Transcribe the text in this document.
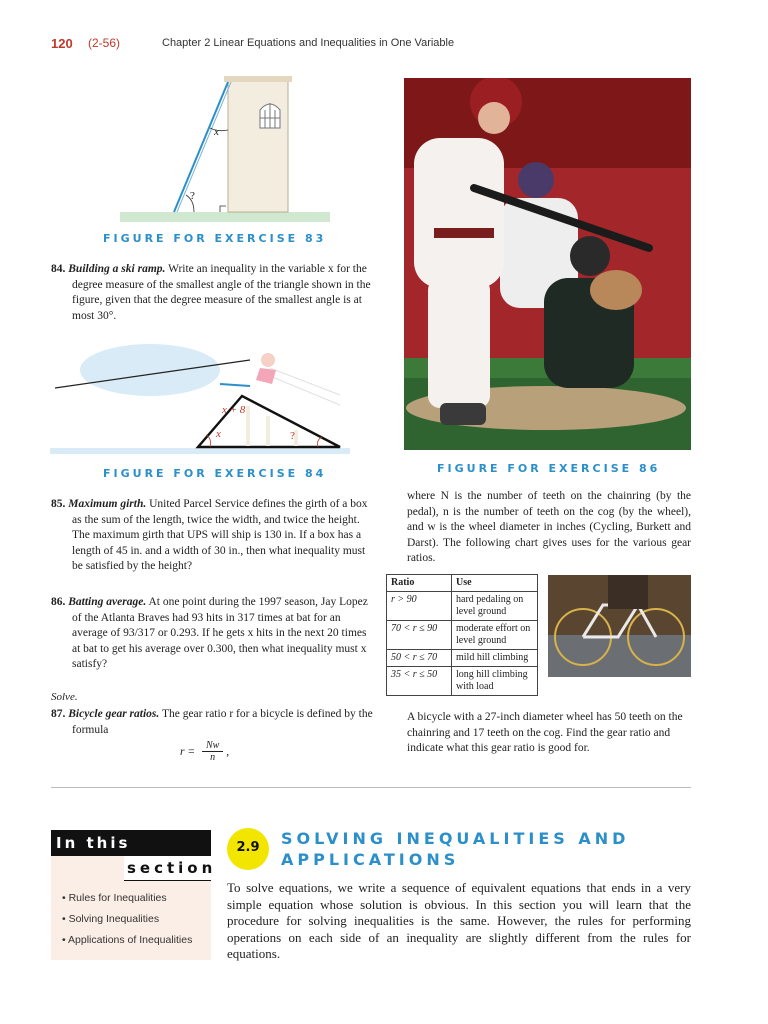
120 (2-56)	Chapter 2 Linear Equations and Inequalities in One Variable
x
?
FIGURE FOR EXERCISE 83

84. Building a ski ramp. Write an inequality in the variable x for the degree measure of the smallest angle of the triangle shown in the figure, given that the degree measure of the smallest angle is at most 30°.

x + 8
x	?
FIGURE FOR EXERCISE 84

85. Maximum girth. United Parcel Service defines the girth of a box as the sum of the length, twice the width, and twice the height. The maximum girth that UPS will ship is 130 in. If a box has a length of 45 in. and a width of 30 in., then what inequality must be satisfied by the height?

86. Batting average. At one point during the 1997 season, Jay Lopez of the Atlanta Braves had 93 hits in 317 times at bat for an average of 93/317 or 0.293. If he gets x hits in the next 20 times at bat to get his average over 0.300, then what inequality must x satisfy?

Solve.

87. Bicycle gear ratios. The gear ratio r for a bicycle is defined by the formula

$r = \frac{Nw}{n}$ ,
FIGURE FOR EXERCISE 86
where N is the number of teeth on the chainring (by the pedal), n is the number of teeth on the cog (by the wheel), and w is the wheel diameter in inches (Cycling, Burkett and Darst). The following chart gives uses for the various gear ratios.
Ratio	Use
r > 90	hard pedaling on level ground
70 < r ≤ 90	moderate effort on level ground
50 < r ≤ 70	mild hill climbing
35 < r ≤ 50	long hill climbing with load
A bicycle with a 27-inch diameter wheel has 50 teeth on the chainring and 17 teeth on the cog. Find the gear ratio and indicate what this gear ratio is good for.
In this
section
• Rules for Inequalities
• Solving Inequalities
• Applications of Inequalities
2.9	SOLVING INEQUALITIES AND
APPLICATIONS
To solve equations, we write a sequence of equivalent equations that ends in a very simple equation whose solution is obvious. In this section you will learn that the procedure for solving inequalities is the same. However, the rules for performing operations on each side of an inequality are slightly different from the rules for equations.
